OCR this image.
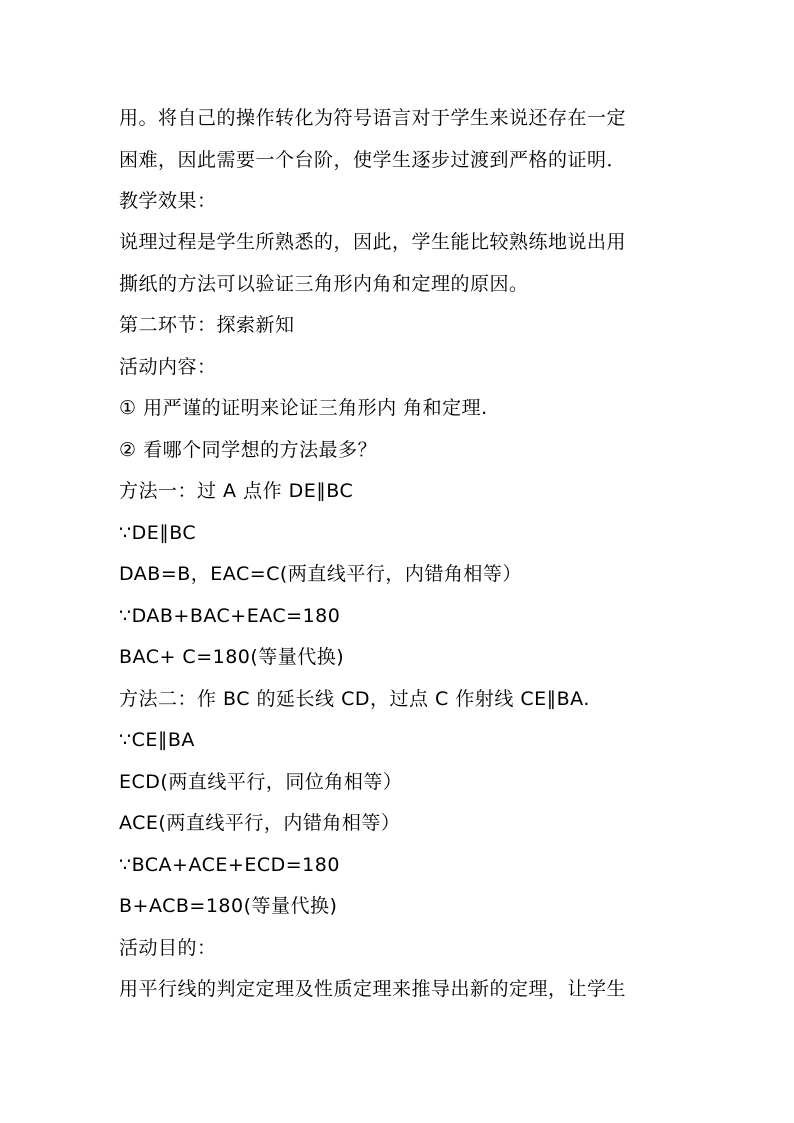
用。将自己的操作转化为符号语言对于学生来说还存在一定
困难，因此需要一个台阶，使学生逐步过渡到严格的证明．
教学效果：
说理过程是学生所熟悉的，因此，学生能比较熟练地说出用
撕纸的方法可以验证三角形内角和定理的原因。
第二环节：探索新知
活动内容：
① 用严谨的证明来论证三角形内 角和定理.
② 看哪个同学想的方法最多？
方法一：过 A 点作 DE∥BC
∵DE∥BC
DAB=B，EAC=C(两直线平行，内错角相等）
∵DAB+BAC+EAC=180
BAC+ C=180(等量代换)
方法二：作 BC 的延长线 CD，过点 C 作射线 CE∥BA.
∵CE∥BA
ECD(两直线平行，同位角相等）
ACE(两直线平行，内错角相等）
∵BCA+ACE+ECD=180
B+ACB=180(等量代换)
活动目的：
用平行线的判定定理及性质定理来推导出新的定理，让学生
